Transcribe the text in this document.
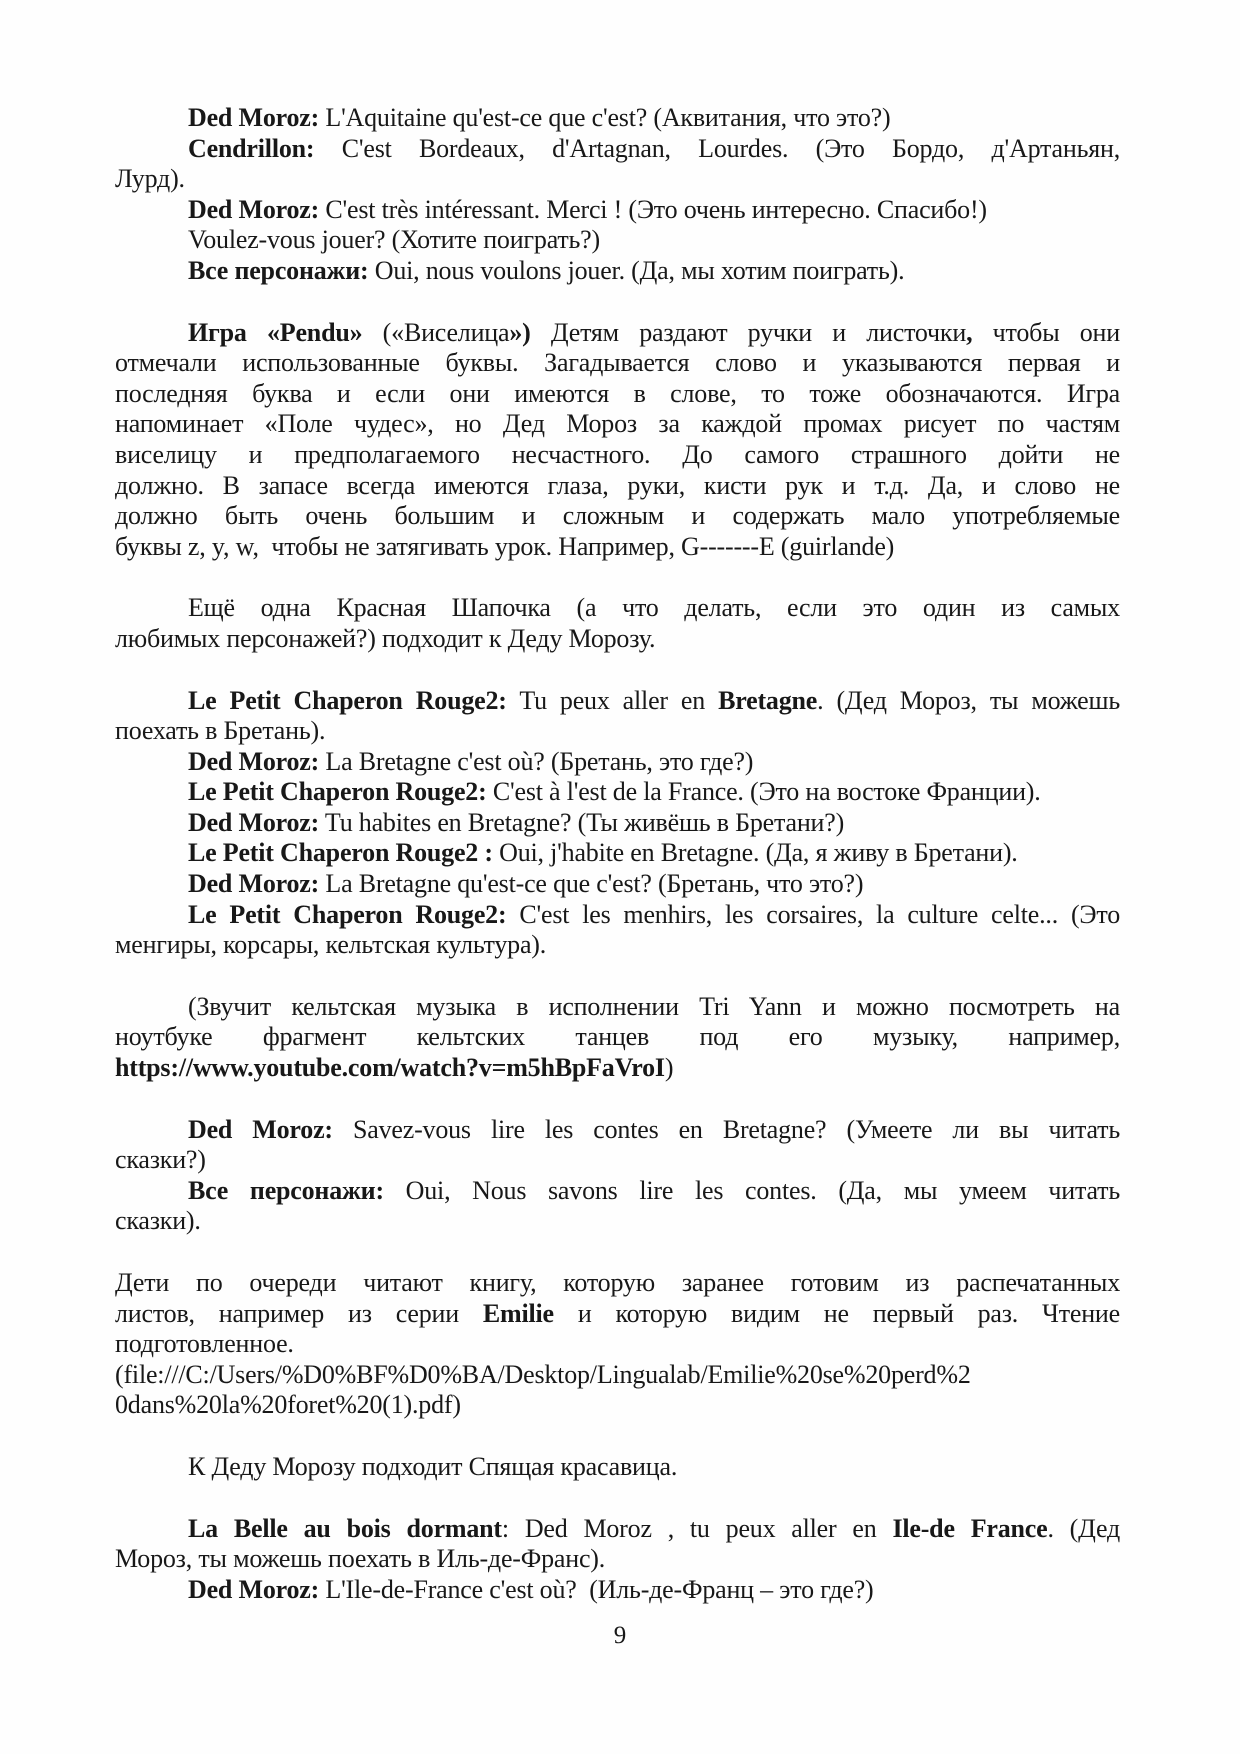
Ded Moroz: L'Aquitaine qu'est-ce que c'est? (Аквитания, что это?)
Cendrillon: C'est Bordeaux, d'Artagnan, Lourdes. (Это Бордо, д'Артаньян,
Лурд).
Ded Moroz: C'est très intéressant. Merci ! (Это очень интересно. Спасибо!)
Voulez-vous jouer? (Хотите поиграть?)
Все персонажи: Oui, nous voulons jouer. (Да, мы хотим поиграть).
Игра «Pendu» («Виселица») Детям раздают ручки и листочки, чтобы они
отмечали использованные буквы. Загадывается слово и указываются первая и
последняя буква и если они имеются в слове, то тоже обозначаются. Игра
напоминает «Поле чудес», но Дед Мороз за каждой промах рисует по частям
виселицу и предполагаемого несчастного. До самого страшного дойти не
должно. В запасе всегда имеются глаза, руки, кисти рук и т.д. Да, и слово не
должно быть очень большим и сложным и содержать мало употребляемые
буквы z, y, w,  чтобы не затягивать урок. Например, G-------E (guirlande)
Ещё одна Красная Шапочка (а что делать, если это один из самых
любимых персонажей?) подходит к Деду Морозу.
Le Petit Chaperon Rouge2: Tu peux aller en Bretagne. (Дед Мороз, ты можешь
поехать в Бретань).
Ded Moroz: La Bretagne c'est où? (Бретань, это где?)
Le Petit Chaperon Rouge2: C'est à l'est de la France. (Это на востоке Франции).
Ded Moroz: Tu habites en Bretagne? (Ты живёшь в Бретани?)
Le Petit Chaperon Rouge2 : Oui, j'habite en Bretagne. (Да, я живу в Бретани).
Ded Moroz: La Bretagne qu'est-ce que c'est? (Бретань, что это?)
Le Petit Chaperon Rouge2: C'est les menhirs, les corsaires, la culture celte... (Это
менгиры, корсары, кельтская культура).
(Звучит кельтская музыка в исполнении Tri Yann и можно посмотреть на
ноутбуке фрагмент кельтских танцев под его музыку, например,
https://www.youtube.com/watch?v=m5hBpFaVroI)
Ded Moroz: Savez-vous lire les contes en Bretagne? (Умеете ли вы читать
сказки?)
Все персонажи: Oui, Nous savons lire les contes. (Да, мы умеем читать
сказки).
Дети по очереди читают книгу, которую заранее готовим из распечатанных
листов, например из серии Emilie и которую видим не первый раз. Чтение
подготовленное.
(file:///C:/Users/%D0%BF%D0%BA/Desktop/Lingualab/Emilie%20se%20perd%2
0dans%20la%20foret%20(1).pdf)
К Деду Морозу подходит Спящая красавица.
La Belle au bois dormant: Ded Moroz , tu peux aller en Ile-de France. (Дед
Мороз, ты можешь поехать в Иль-де-Франс).
Ded Moroz: L'Ile-de-France c'est où?  (Иль-де-Франц – это где?)
9
